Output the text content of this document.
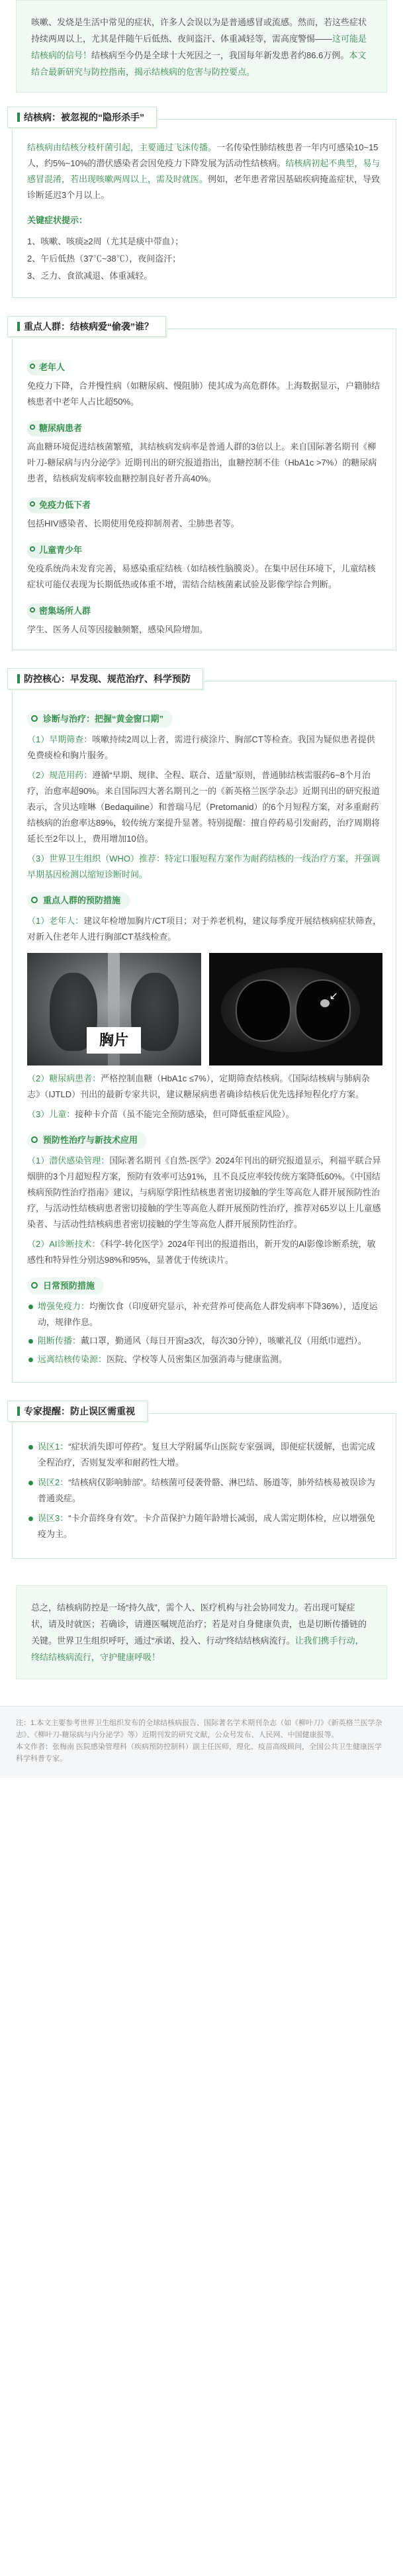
咳嗽、发烧是生活中常见的症状，许多人会误以为是普通感冒或流感。然而，若这些症状持续两周以上，尤其是伴随午后低热、夜间盗汗、体重减轻等，需高度警惕——这可能是结核病的信号！结核病至今仍是全球十大死因之一，我国每年新发患者约86.6万例。本文结合最新研究与防控指南，揭示结核病的危害与防控要点。
结核病：被忽视的“隐形杀手”
结核病由结核分枝杆菌引起，主要通过飞沫传播。一名传染性肺结核患者一年内可感染10~15人，约5%~10%的潜伏感染者会因免疫力下降发展为活动性结核病。结核病初起不典型，易与感冒混淆，若出现咳嗽两周以上，需及时就医。例如，老年患者常因基础疾病掩盖症状，导致诊断延迟3个月以上。
关键症状提示：
1、咳嗽、咳痰≥2周（尤其是痰中带血）；
2、午后低热（37℃~38℃），夜间盗汗；
3、乏力、食欲减退、体重减轻。
重点人群：结核病爱“偷袭”谁？
老年人
免疫力下降，合并慢性病（如糖尿病、慢阻肺）使其成为高危群体。上海数据显示，户籍肺结核患者中老年人占比超50%。
糖尿病患者
高血糖环境促进结核菌繁殖，其结核病发病率是普通人群的3倍以上。来自国际著名期刊《柳叶刀-糖尿病与内分泌学》近期刊出的研究报道指出，血糖控制不佳（HbA1c >7%）的糖尿病患者，结核病发病率较血糖控制良好者升高40%。
免疫力低下者
包括HIV感染者、长期使用免疫抑制剂者、尘肺患者等。
儿童青少年
免疫系统尚未发育完善，易感染重症结核（如结核性脑膜炎）。在集中居住环境下，儿童结核症状可能仅表现为长期低热或体重不增，需结合结核菌素试验及影像学综合判断。
密集场所人群
学生、医务人员等因接触频繁，感染风险增加。
防控核心：早发现、规范治疗、科学预防
诊断与治疗：把握“黄金窗口期”
（1）早期筛查：咳嗽持续2周以上者，需进行痰涂片、胸部CT等检查。我国为疑似患者提供免费痰检和胸片服务。
（2）规范用药：遵循“早期、规律、全程、联合、适量”原则，普通肺结核需服药6~8个月治疗，治愈率超90%。来自国际四大著名期刊之一的《新英格兰医学杂志》近期刊出的研究报道表示，含贝达喹啉（Bedaquiline）和普瑞马尼（Pretomanid）的6个月短程方案，对多重耐药结核病的治愈率达89%，较传统方案提升显著。特别提醒：擅自停药易引发耐药，治疗周期将延长至2年以上，费用增加10倍。
（3）世界卫生组织（WHO）推荐：特定口服短程方案作为耐药结核的一线治疗方案，并强调早期基因检测以缩短诊断时间。
重点人群的预防措施
（1）老年人：建议年检增加胸片/CT项目；对于养老机构，建议每季度开展结核病症状筛查，对新入住老年人进行胸部CT基线检查。
胸片
↙
（2）糖尿病患者：严格控制血糖（HbA1c ≤7%），定期筛查结核病。《国际结核病与肺病杂志》（IJTLD）刊出的最新专家共识，建议糖尿病患者确诊结核后优先选择短程化疗方案。
（3）儿童：接种卡介苗（虽不能完全预防感染，但可降低重症风险）。
预防性治疗与新技术应用
（1）潜伏感染管理：国际著名期刊《自然-医学》2024年刊出的研究报道显示，利福平联合异烟肼的3个月超短程方案，预防有效率可达91%，且不良反应率较传统方案降低60%。《中国结核病预防性治疗指南》建议，与病原学阳性结核患者密切接触的学生等高危人群开展预防性治疗，与活动性结核病患者密切接触的学生等高危人群开展预防性治疗，推荐对65岁以上儿童感染者、与活动性结核病患者密切接触的学生等高危人群开展预防性治疗。
（2）AI诊断技术：《科学-转化医学》2024年刊出的报道指出，新开发的AI影像诊断系统，敏感性和特异性分别达98%和95%，显著优于传统读片。
日常预防措施
增强免疫力：均衡饮食（印度研究显示，补充营养可使高危人群发病率下降36%），适度运动，规律作息。
阻断传播：戴口罩，勤通风（每日开窗≥3次，每次30分钟），咳嗽礼仪（用纸巾遮挡）。
远离结核传染源：医院、学校等人员密集区加强消毒与健康监测。
专家提醒：防止误区需重视
误区1：“症状消失即可停药”。复旦大学附属华山医院专家强调，即便症状缓解，也需完成全程治疗，否则复发率和耐药性大增。
误区2：“结核病仅影响肺部”。结核菌可侵袭骨骼、淋巴结、肠道等，肺外结核易被误诊为普通炎症。
误区3：“卡介苗终身有效”。卡介苗保护力随年龄增长减弱，成人需定期体检，应以增强免疫为主。
总之，结核病防控是一场“持久战”，需个人、医疗机构与社会协同发力。若出现可疑症状，请及时就医；若确诊，请遵医嘱规范治疗；若是对自身健康负责，也是切断传播链的关键。世界卫生组织呼吁，通过“承诺、投入、行动”终结结核病流行。让我们携手行动，终结结核病流行，守护健康呼吸！
注：1.本文主要参考世界卫生组织发布的全球结核病报告、国际著名学术期刊杂志（如《柳叶刀》《新英格兰医学杂志》、《柳叶刀-糖尿病与内分泌学》等）近期刊发的研究文献，公众号发布、人民网、中国健康报等。
本文作者：张梅南 医院感染管理科（疾病预防控制科）副主任医师，理化、疫苗高级顾问，全国公共卫生健康医学科学科普专家。
